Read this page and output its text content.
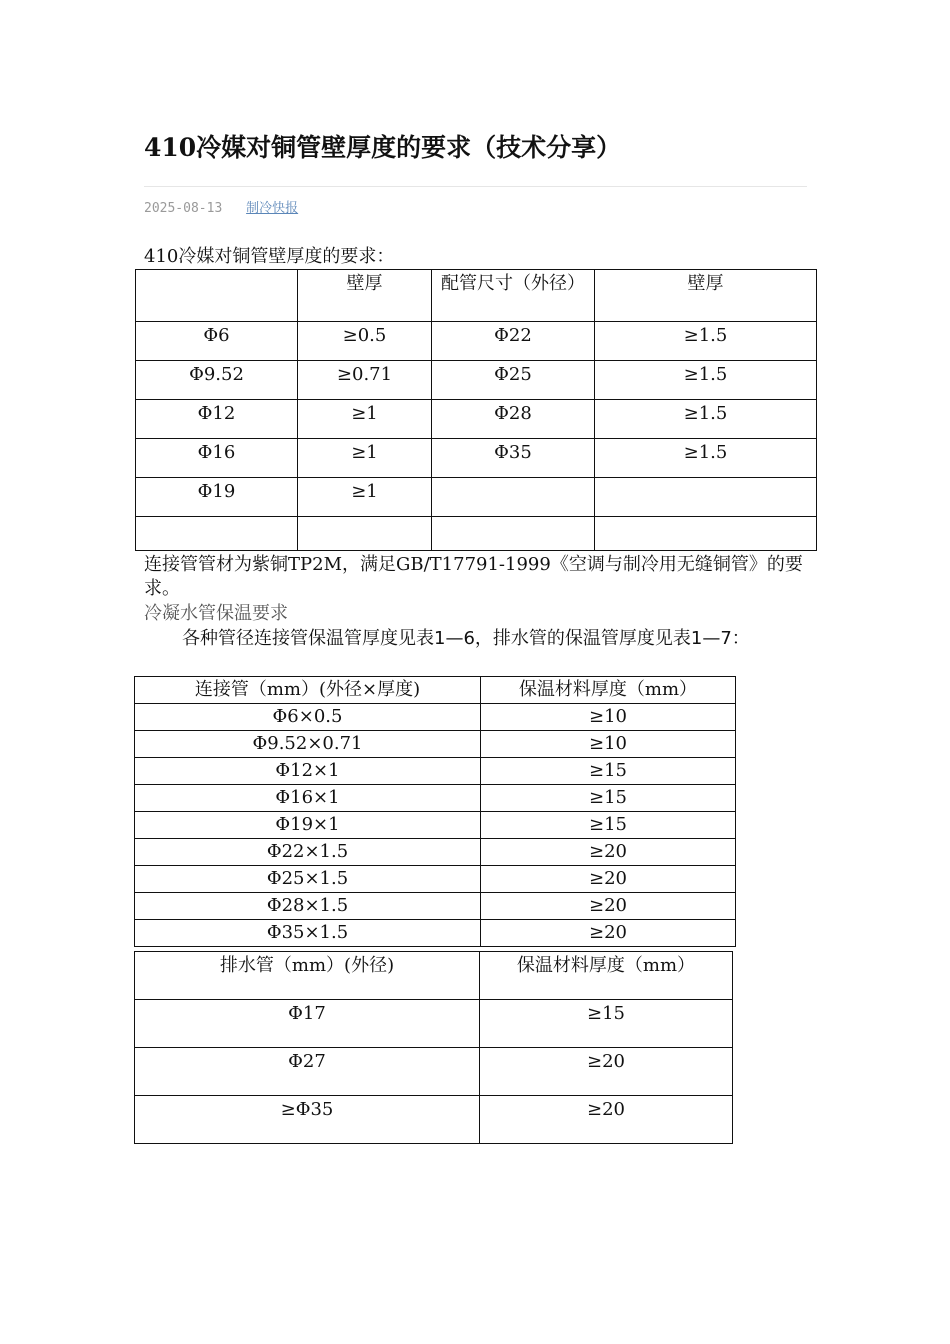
410冷媒对铜管壁厚度的要求（技术分享）
2025-08-13 制冷快报
410冷媒对铜管壁厚度的要求：
	壁厚	配管尺寸（外径）	壁厚
Φ6	≥0.5	Φ22	≥1.5
Φ9.52	≥0.71	Φ25	≥1.5
Φ12	≥1	Φ28	≥1.5
Φ16	≥1	Φ35	≥1.5
Φ19	≥1		

连接管管材为紫铜TP2M，满足GB/T17791-1999《空调与制冷用无缝铜管》的要求。
冷凝水管保温要求
各种管径连接管保温管厚度见表1—6，排水管的保温管厚度见表1—7：
连接管（mm）(外径×厚度)	保温材料厚度（mm）
Φ6×0.5	≥10
Φ9.52×0.71	≥10
Φ12×1	≥15
Φ16×1	≥15
Φ19×1	≥15
Φ22×1.5	≥20
Φ25×1.5	≥20
Φ28×1.5	≥20
Φ35×1.5	≥20
排水管（mm）(外径)	保温材料厚度（mm）
Φ17	≥15
Φ27	≥20
≥Φ35	≥20
